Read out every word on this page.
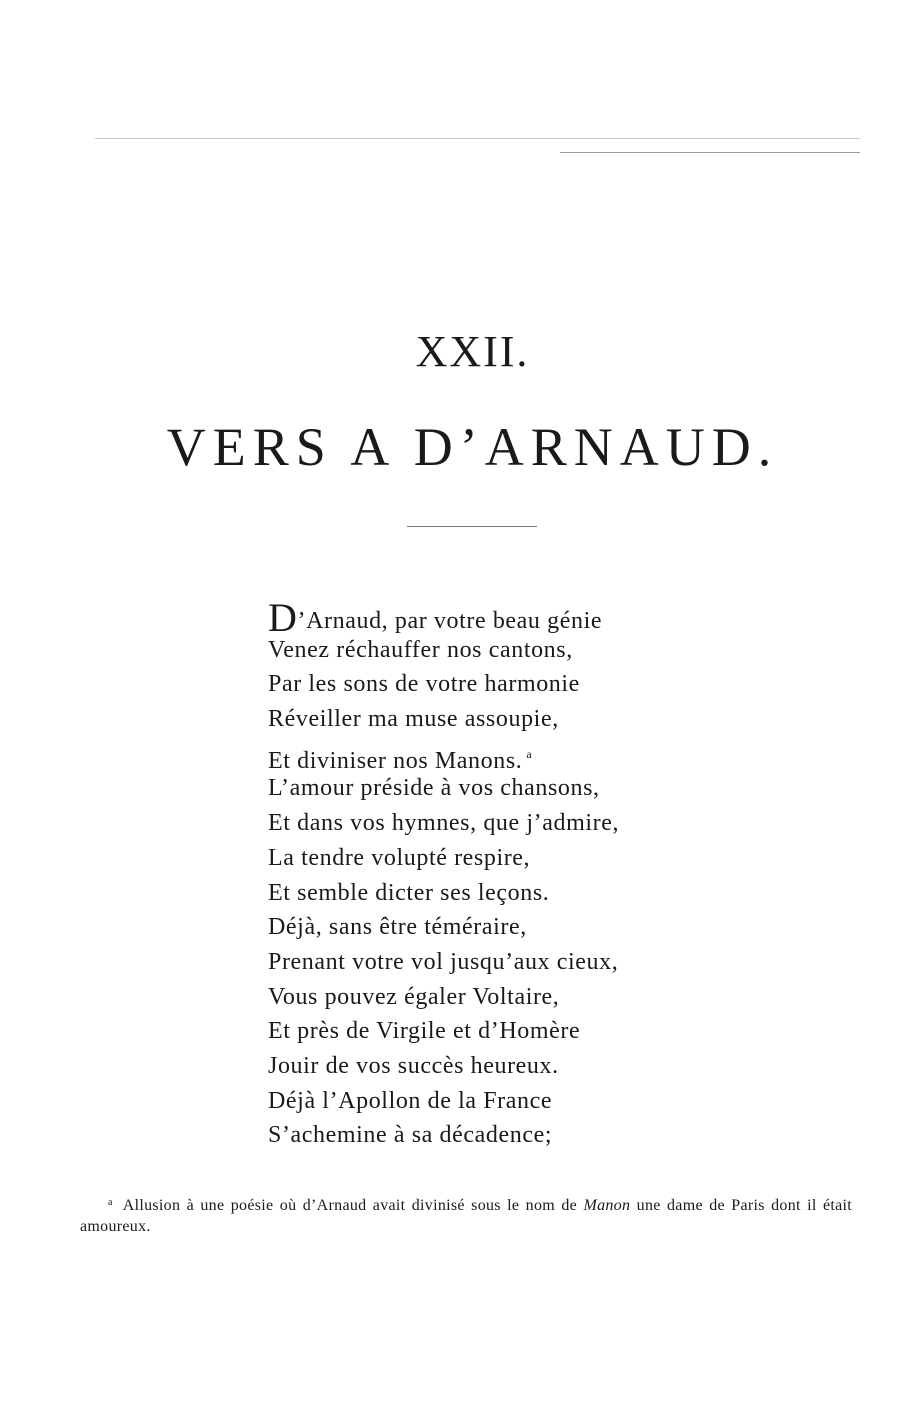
XXII.
VERS A D’ARNAUD.
D’Arnaud, par votre beau génie
Venez réchauffer nos cantons,
Par les sons de votre harmonie
Réveiller ma muse assoupie,
Et diviniser nos Manons. $^a$
L’amour préside à vos chansons,
Et dans vos hymnes, que j’admire,
La tendre volupté respire,
Et semble dicter ses leçons.
Déjà, sans être téméraire,
Prenant votre vol jusqu’aux cieux,
Vous pouvez égaler Voltaire,
Et près de Virgile et d’Homère
Jouir de vos succès heureux.
Déjà l’Apollon de la France
S’achemine à sa décadence;
$^a$ Allusion à une poésie où d’Arnaud avait divinisé sous le nom de Manon une dame de Paris dont il était amoureux.
